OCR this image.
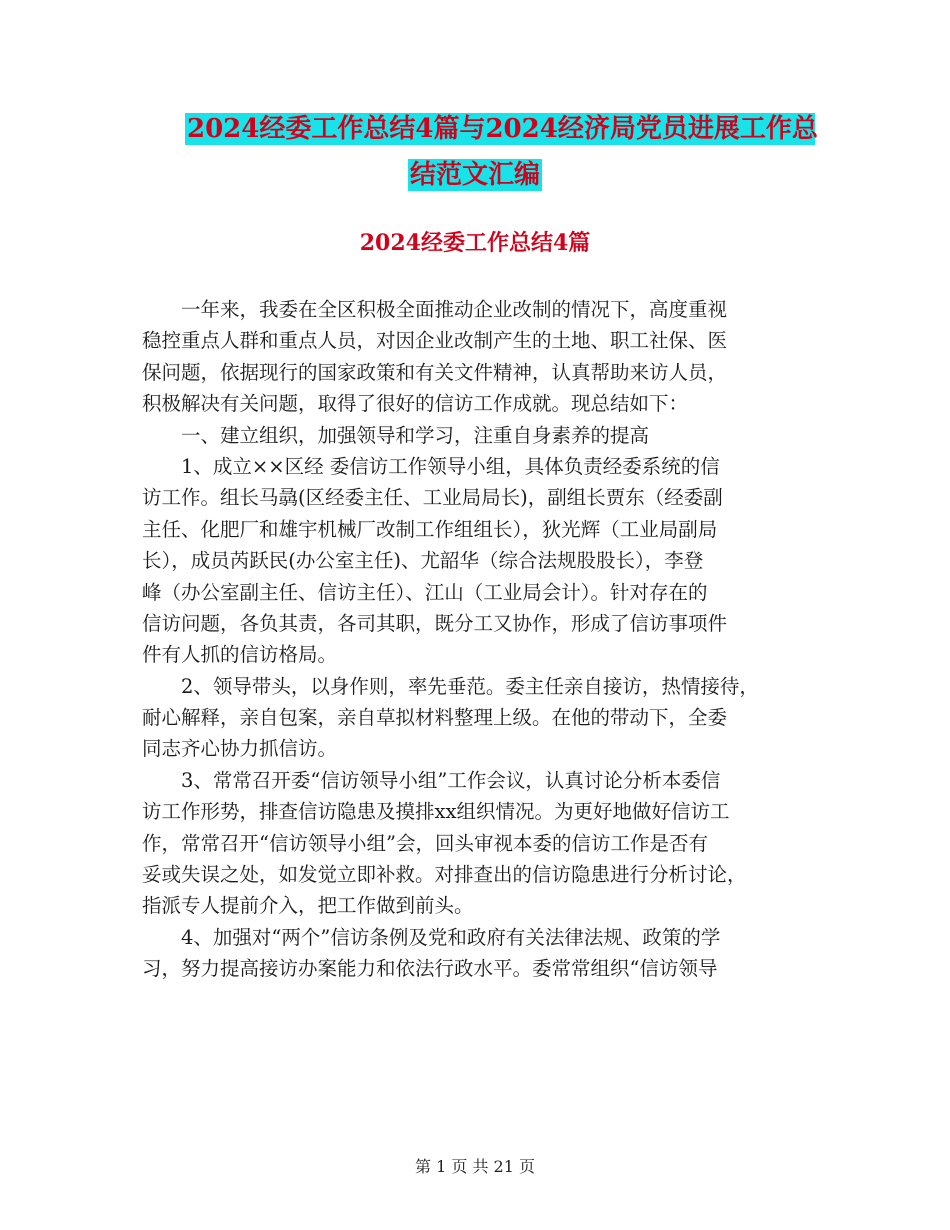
2024经委工作总结4篇与2024经济局党员进展工作总
结范文汇编
2024经委工作总结4篇
一年来，我委在全区积极全面推动企业改制的情况下，高度重视
稳控重点人群和重点人员，对因企业改制产生的土地、职工社保、医
保问题，依据现行的国家政策和有关文件精神，认真帮助来访人员，
积极解决有关问题，取得了很好的信访工作成就。现总结如下：
一、建立组织，加强领导和学习，注重自身素养的提高
1、成立××区经 委信访工作领导小组，具体负责经委系统的信
访工作。组长马骉(区经委主任、工业局局长)，副组长贾东（经委副
主任、化肥厂和雄宇机械厂改制工作组组长），狄光辉（工业局副局
长），成员芮跃民(办公室主任)、尤韶华（综合法规股股长），李登
峰（办公室副主任、信访主任）、江山（工业局会计）。针对存在的
信访问题，各负其责，各司其职，既分工又协作，形成了信访事项件
件有人抓的信访格局。
2、领导带头，以身作则，率先垂范。委主任亲自接访，热情接待，
耐心解释，亲自包案，亲自草拟材料整理上级。在他的带动下，全委
同志齐心协力抓信访。
3、常常召开委“信访领导小组”工作会议，认真讨论分析本委信
访工作形势，排查信访隐患及摸排xx组织情况。为更好地做好信访工
作，常常召开“信访领导小组”会，回头审视本委的信访工作是否有
妥或失误之处，如发觉立即补救。对排查出的信访隐患进行分析讨论，
指派专人提前介入，把工作做到前头。
4、加强对“两个”信访条例及党和政府有关法律法规、政策的学
习，努力提高接访办案能力和依法行政水平。委常常组织“信访领导
第 1 页 共 21 页
